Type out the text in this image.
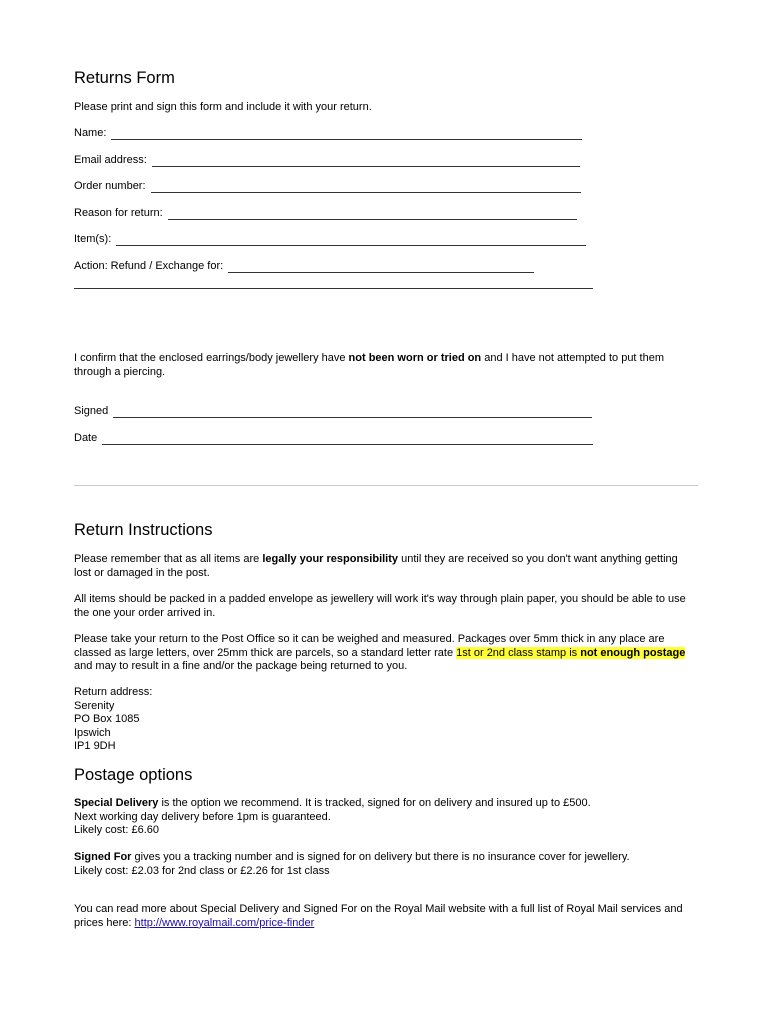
Returns Form

Please print and sign this form and include it with your return.

Name:
Email address:
Order number:
Reason for return:
Item(s):
Action: Refund / Exchange for:

I confirm that the enclosed earrings/body jewellery have not been worn or tried on and I have not attempted to put them through a piercing.

Signed
Date
Return Instructions

Please remember that as all items are legally your responsibility until they are received so you don't want anything getting lost or damaged in the post.

All items should be packed in a padded envelope as jewellery will work it's way through plain paper, you should be able to use the one your order arrived in.

Please take your return to the Post Office so it can be weighed and measured. Packages over 5mm thick in any place are classed as large letters, over 25mm thick are parcels, so a standard letter rate 1st or 2nd class stamp is not enough postage and may to result in a fine and/or the package being returned to you.

Return address:
Serenity
PO Box 1085
Ipswich
IP1 9DH
Postage options
Special Delivery is the option we recommend. It is tracked, signed for on delivery and insured up to £500.
Next working day delivery before 1pm is guaranteed.
Likely cost: £6.60
Signed For gives you a tracking number and is signed for on delivery but there is no insurance cover for jewellery.
Likely cost: £2.03 for 2nd class or £2.26 for 1st class

You can read more about Special Delivery and Signed For on the Royal Mail website with a full list of Royal Mail services and prices here: http://www.royalmail.com/price-finder
